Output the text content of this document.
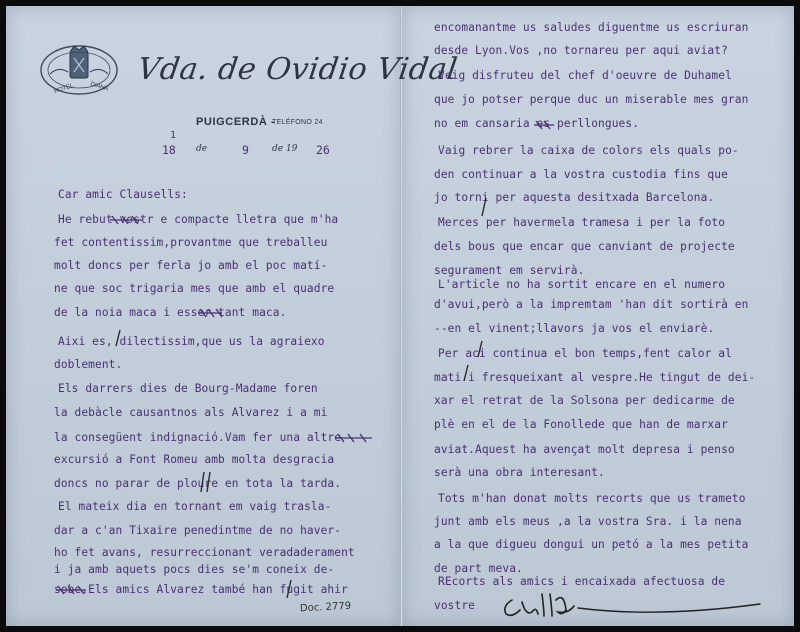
HOTEL	DIANA Vda. de Ovidio Vidal
PUIGCERDÀ -
TELÉFONO 24
1
18 de	9	de 19 26
Car amic Clausells:
He rebut vostr e compacte lletra que m'ha
fet contentissim,provantme que treballeu
molt doncs per ferla jo amb el poc matí-
ne que soc trigaria mes que amb el quadre
de la noia maca i esser tant maca.
Aixi es, dilectissim,que us la agraiexo
doblement.
Els darrers dies de Bourg-Madame foren
la debàcle causantnos als Alvarez i a mi
la consegüent indignació.Vam fer una altre
excursió a Font Romeu amb molta desgracia
doncs no parar de ploure en tota la tarda.
El mateix dia en tornant em vaig trasla-
dar a c'an Tixaire penedintme de no haver-
ho fet avans, resurreccionant veradaderament
i ja amb aquets pocs dies se'm coneix de-
sobe.Els amics Alvarez també han fugit ahir
Doc. 2779
encomanantme us saludes diguentme us escriuran
desde Lyon.Vos ,no tornareu per aqui aviat?
Veig disfruteu del chef d'oeuvre de Duhamel
que jo potser perque duc un miserable mes gran
no em cansaria es perllongues.
Vaig rebrer la caixa de colors els quals po-
den continuar a la vostra custodia fins que
jo torni per aquesta desitxada Barcelona.
Merces per havermela tramesa i per la foto
dels bous que encar que canviant de projecte
segurament em servirà.
L'article no ha sortit encare en el numero
d'avui,però a la impremtam 'han dit sortirà en
--en el vinent;llavors ja vos el enviarè.
Per aci continua el bon temps,fent calor al
mati i fresqueixant al vespre.He tingut de dei-
xar el retrat de la Solsona per dedicarme de
plè en el de la Fonollede que han de marxar
aviat.Aquest ha avençat molt depresa i penso
serà una obra interesant.
Tots m'han donat molts recorts que us trameto
junt amb els meus ,a la vostra Sra. i la nena
a la que digueu dongui un petó a la mes petita
de part meva.
REcorts als amics i encaixada afectuosa de
vostre
